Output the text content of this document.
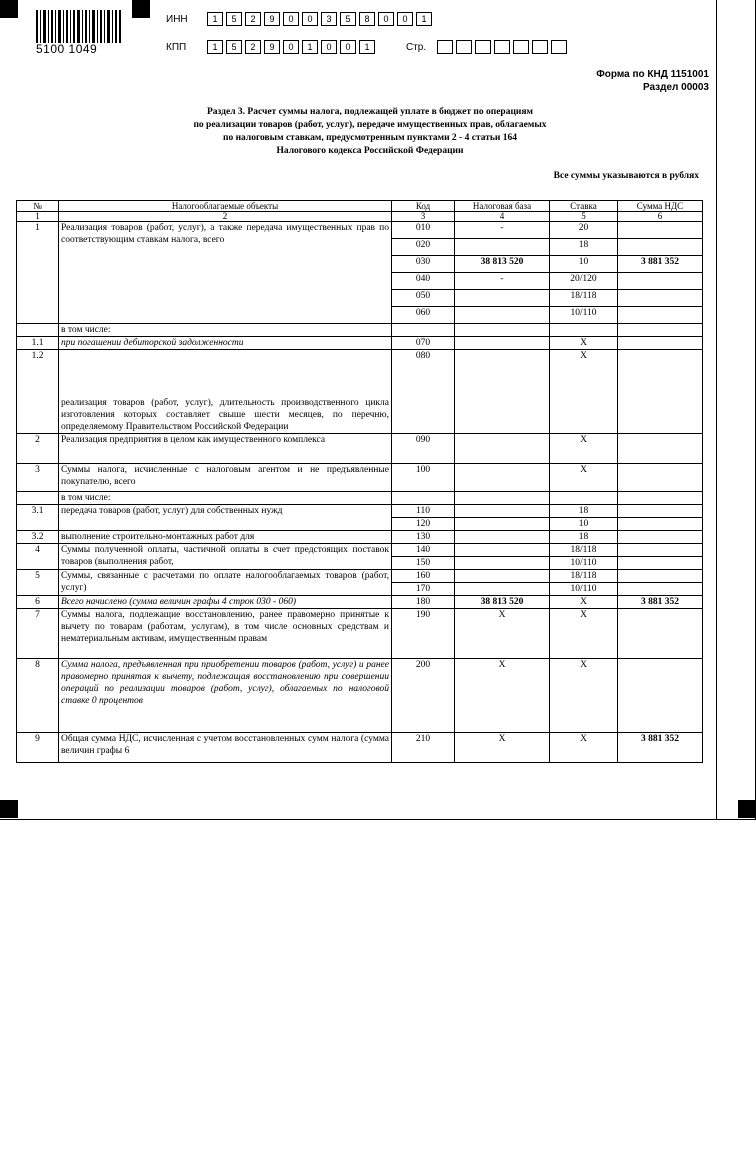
5100 1049
ИНН	1	5	2	9	0	0	3	5	8	0	0	1
КПП	1	5	2	9	0	1	0	0	1	Стр.
Форма по КНД 1151001
Раздел 00003
Раздел 3. Расчет суммы налога, подлежащей уплате в бюджет по операциям
по реализации товаров (работ, услуг), передаче имущественных прав, облагаемых
по налоговым ставкам, предусмотренным пунктами 2 - 4 статьи 164
Налогового кодекса Российской Федерации
Все суммы указываются в рублях
№	Налогооблагаемые объекты	Код	Налоговая база	Ставка	Сумма НДС
1	2	3	4	5	6
1	Реализация товаров (работ, услуг), а также передача имущественных прав по соответствующим ставкам налога, всего	010	-	20	
		020		18	
		030	38 813 520	10	3 881 352
		040	-	20/120	
		050		18/118	
		060		10/110	
	в том числе:				
1.1	при погашении дебиторской задолженности	070		X	
1.2	реализация товаров (работ, услуг), длительность производственного цикла изготовления которых составляет свыше шести месяцев, по перечню, определяемому Правительством Российской Федерации	080		X	
2	Реализация предприятия в целом как имущественного комплекса	090		X	
3	Суммы налога, исчисленные с налоговым агентом и не предъявленные покупателю, всего	100		X	
	в том числе:				
3.1	передача товаров (работ, услуг) для собственных нужд	110		18	
		120		10	
3.2	выполнение строительно-монтажных работ для	130		18	
4	Суммы полученной оплаты, частичной оплаты в счет предстоящих поставок товаров (выполнения работ,	140		18/118	
		150		10/110	
5	Суммы, связанные с расчетами по оплате налогооблагаемых товаров (работ, услуг)	160		18/118	
		170		10/110	
6	Всего начислено (сумма величин графы 4 строк 030 - 060)	180	38 813 520	X	3 881 352
7	Суммы налога, подлежащие восстановлению, ранее правомерно принятые к вычету по товарам (работам, услугам), в том числе основных средствам и нематериальным активам, имущественным правам	190	X	X	
8	Сумма налога, предъявленная при приобретении товаров (работ, услуг) и ранее правомерно принятая к вычету, подлежащая восстановлению при совершении операций по реализации товаров (работ, услуг), облагаемых по налоговой ставке 0 процентов	200	X	X	
9	Общая сумма НДС, исчисленная с учетом восстановленных сумм налога (сумма величин графы 6	210	X	X	3 881 352
